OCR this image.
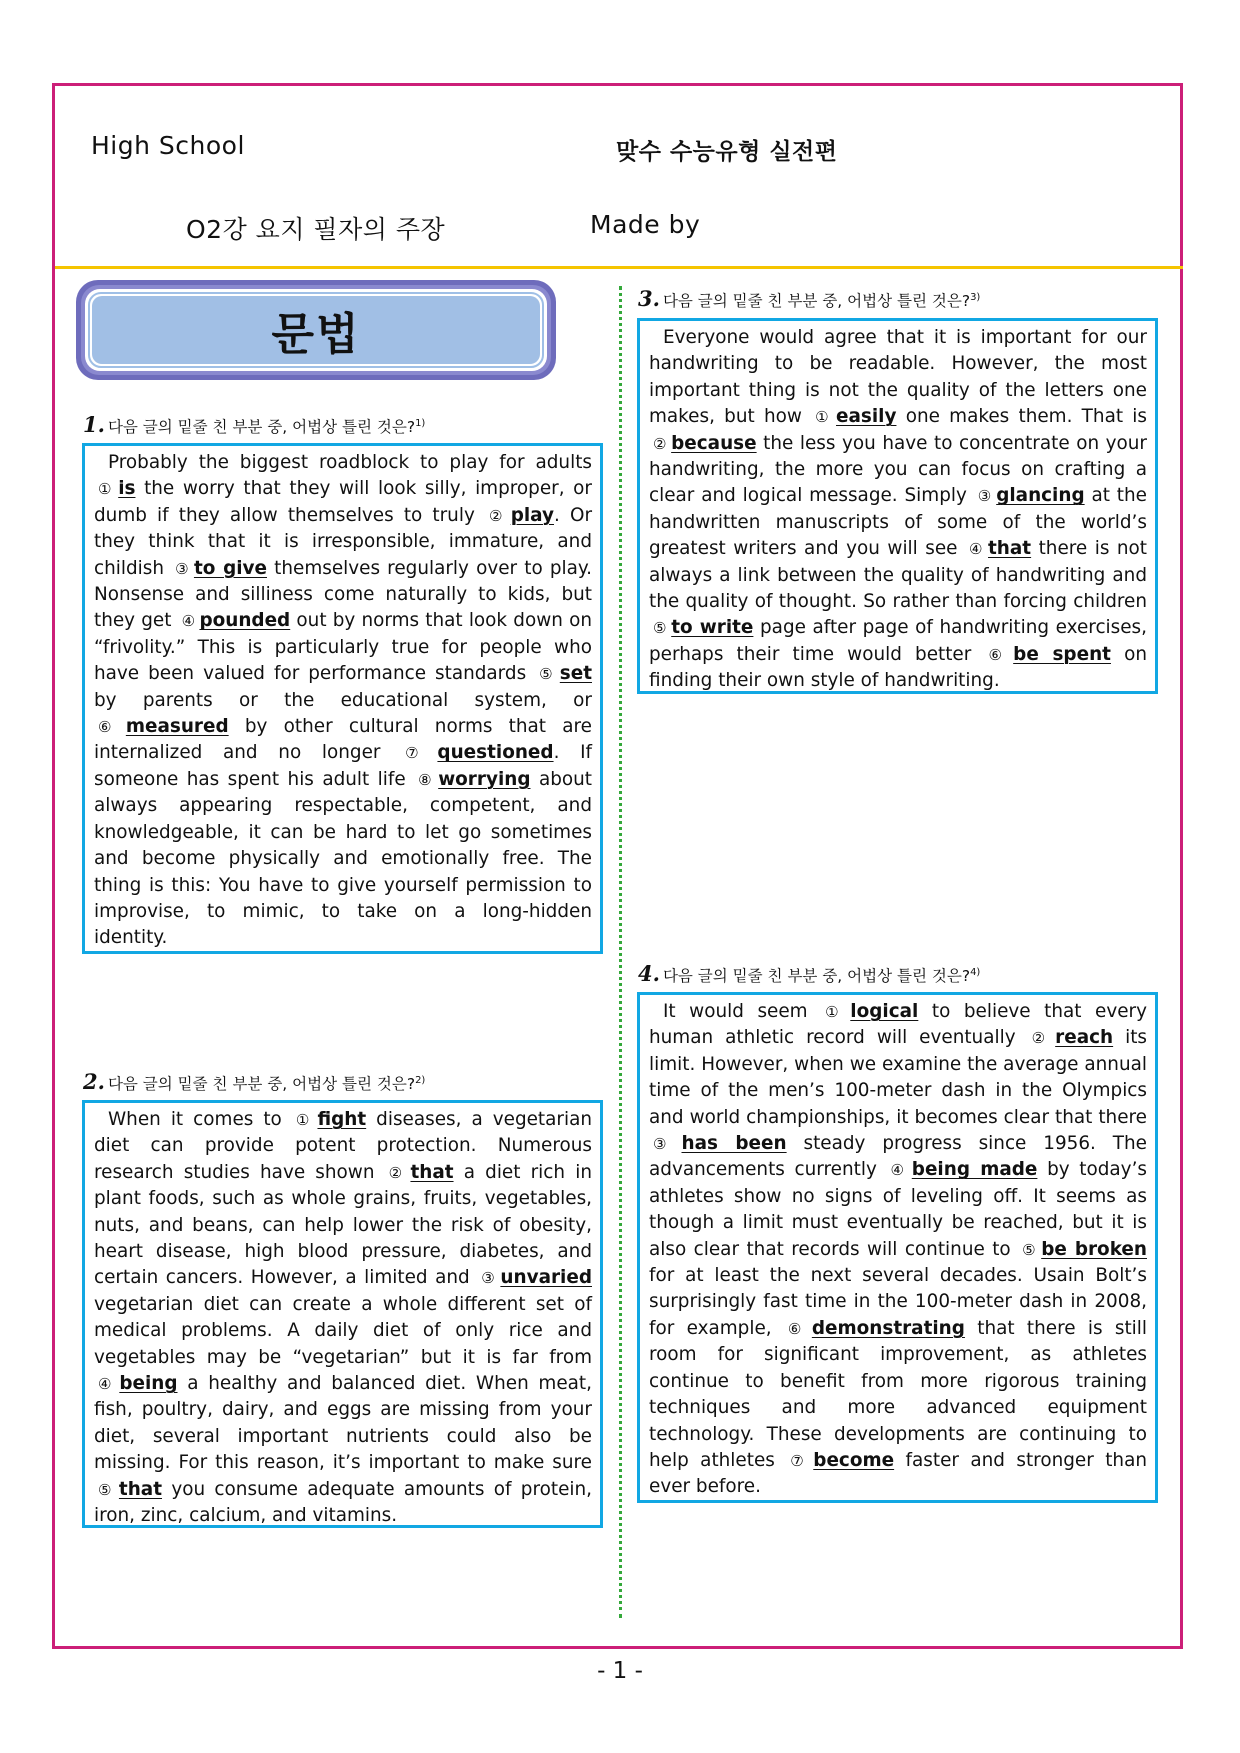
High School	맞수 수능유형 실전편
O2강 요지 필자의 주장	Made by
문법
1. 다음 글의 밑줄 친 부분 중, 어법상 틀린 것은?$^{1)}$

Probably the biggest roadblock to play for adults ① is the worry that they will look silly, improper, or dumb if they allow themselves to truly ② play. Or they think that it is irresponsible, immature, and childish ③ to give themselves regularly over to play. Nonsense and silliness come naturally to kids, but they get ④ pounded out by norms that look down on “frivolity.” This is particularly true for people who have been valued for performance standards ⑤ set by parents or the educational system, or ⑥ measured by other cultural norms that are internalized and no longer ⑦ questioned. If someone has spent his adult life ⑧ worrying about always appearing respectable, competent, and knowledgeable, it can be hard to let go sometimes and become physically and emotionally free. The thing is this: You have to give yourself permission to improvise, to mimic, to take on a long-hidden identity.

2. 다음 글의 밑줄 친 부분 중, 어법상 틀린 것은?$^{2)}$

When it comes to ① fight diseases, a vegetarian diet can provide potent protection. Numerous research studies have shown ② that a diet rich in plant foods, such as whole grains, fruits, vegetables, nuts, and beans, can help lower the risk of obesity, heart disease, high blood pressure, diabetes, and certain cancers. However, a limited and ③ unvaried vegetarian diet can create a whole different set of medical problems. A daily diet of only rice and vegetables may be “vegetarian” but it is far from ④ being a healthy and balanced diet. When meat, fish, poultry, dairy, and eggs are missing from your diet, several important nutrients could also be missing. For this reason, it’s important to make sure ⑤ that you consume adequate amounts of protein, iron, zinc, calcium, and vitamins.

3. 다음 글의 밑줄 친 부분 중, 어법상 틀린 것은?$^{3)}$

Everyone would agree that it is important for our handwriting to be readable. However, the most important thing is not the quality of the letters one makes, but how ① easily one makes them. That is ② because the less you have to concentrate on your handwriting, the more you can focus on crafting a clear and logical message. Simply ③ glancing at the handwritten manuscripts of some of the world’s greatest writers and you will see ④ that there is not always a link between the quality of handwriting and the quality of thought. So rather than forcing children ⑤ to write page after page of handwriting exercises, perhaps their time would better ⑥ be spent on finding their own style of handwriting.

4. 다음 글의 밑줄 친 부분 중, 어법상 틀린 것은?$^{4)}$

It would seem ① logical to believe that every human athletic record will eventually ② reach its limit. However, when we examine the average annual time of the men’s 100-meter dash in the Olympics and world championships, it becomes clear that there ③ has been steady progress since 1956. The advancements currently ④ being made by today’s athletes show no signs of leveling off. It seems as though a limit must eventually be reached, but it is also clear that records will continue to ⑤ be broken for at least the next several decades. Usain Bolt’s surprisingly fast time in the 100-meter dash in 2008, for example, ⑥ demonstrating that there is still room for significant improvement, as athletes continue to benefit from more rigorous training techniques and more advanced equipment technology. These developments are continuing to help athletes ⑦ become faster and stronger than ever before.

- 1 -
